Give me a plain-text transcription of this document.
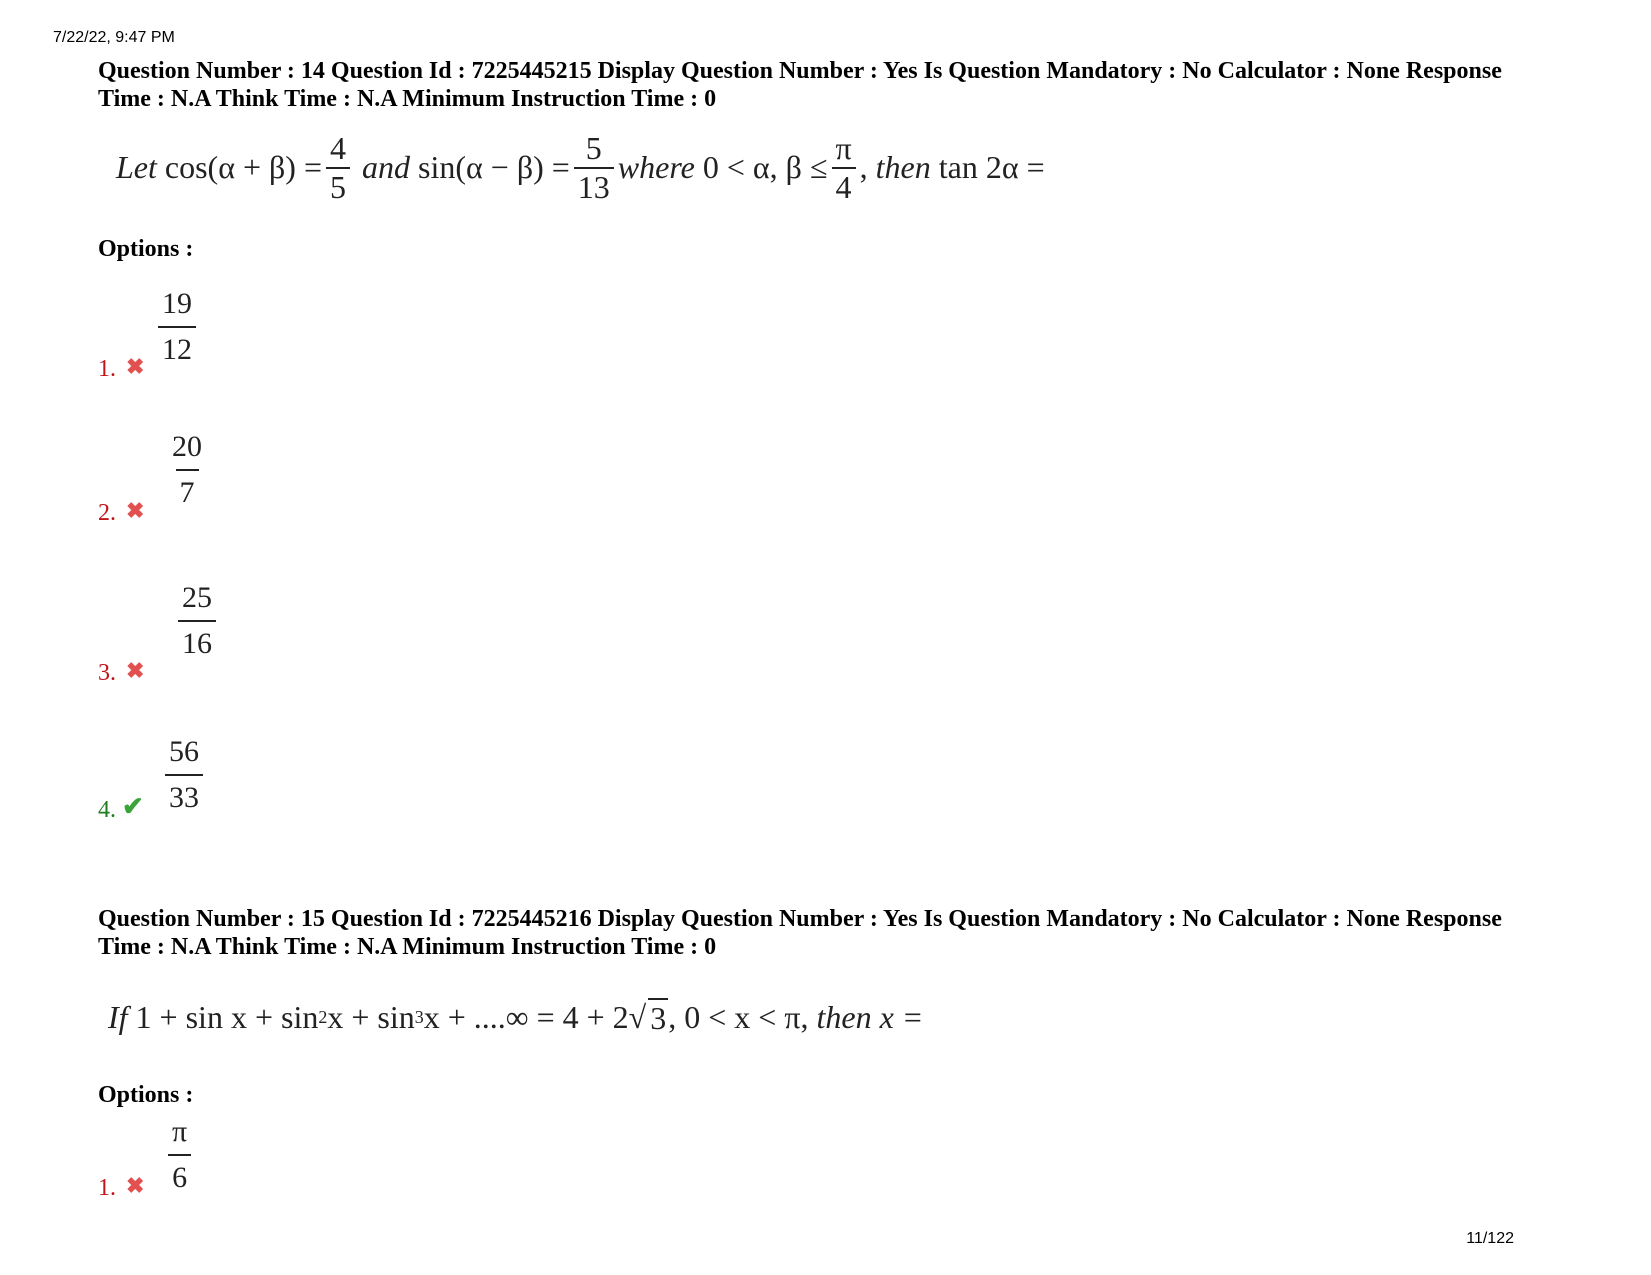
7/22/22, 9:47 PM
Question Number : 14 Question Id : 7225445215 Display Question Number : Yes Is Question Mandatory : No Calculator : None Response
Time : N.A Think Time : N.A Minimum Instruction Time : 0
Let
$\cos(\alpha + \beta) = \frac{4}{5}$
and
$\sin(\alpha - \beta) = \frac{5}{13}$ where
0 < α, $\beta \le \frac{\pi}{4}$ ,
then
tan 2α =
Options :
1. ✖ $\frac{19}{12}$
2. ✖ $\frac{20}{7}$
3. ✖
$\frac{25}{16}$
4. ✔ $\frac{56}{33}$
Question Number : 15 Question Id : 7225445216 Display Question Number : Yes Is Question Mandatory : No Calculator : None Response
Time : N.A Think Time : N.A Minimum Instruction Time : 0
If
1 + sin x + sin 2 x + sin 3 x + ....∞ = 4 + 2√ 3 , 0 < x < π,
then
x =
Options :
1. ✖ $\frac{\pi}{6}$
11/122
